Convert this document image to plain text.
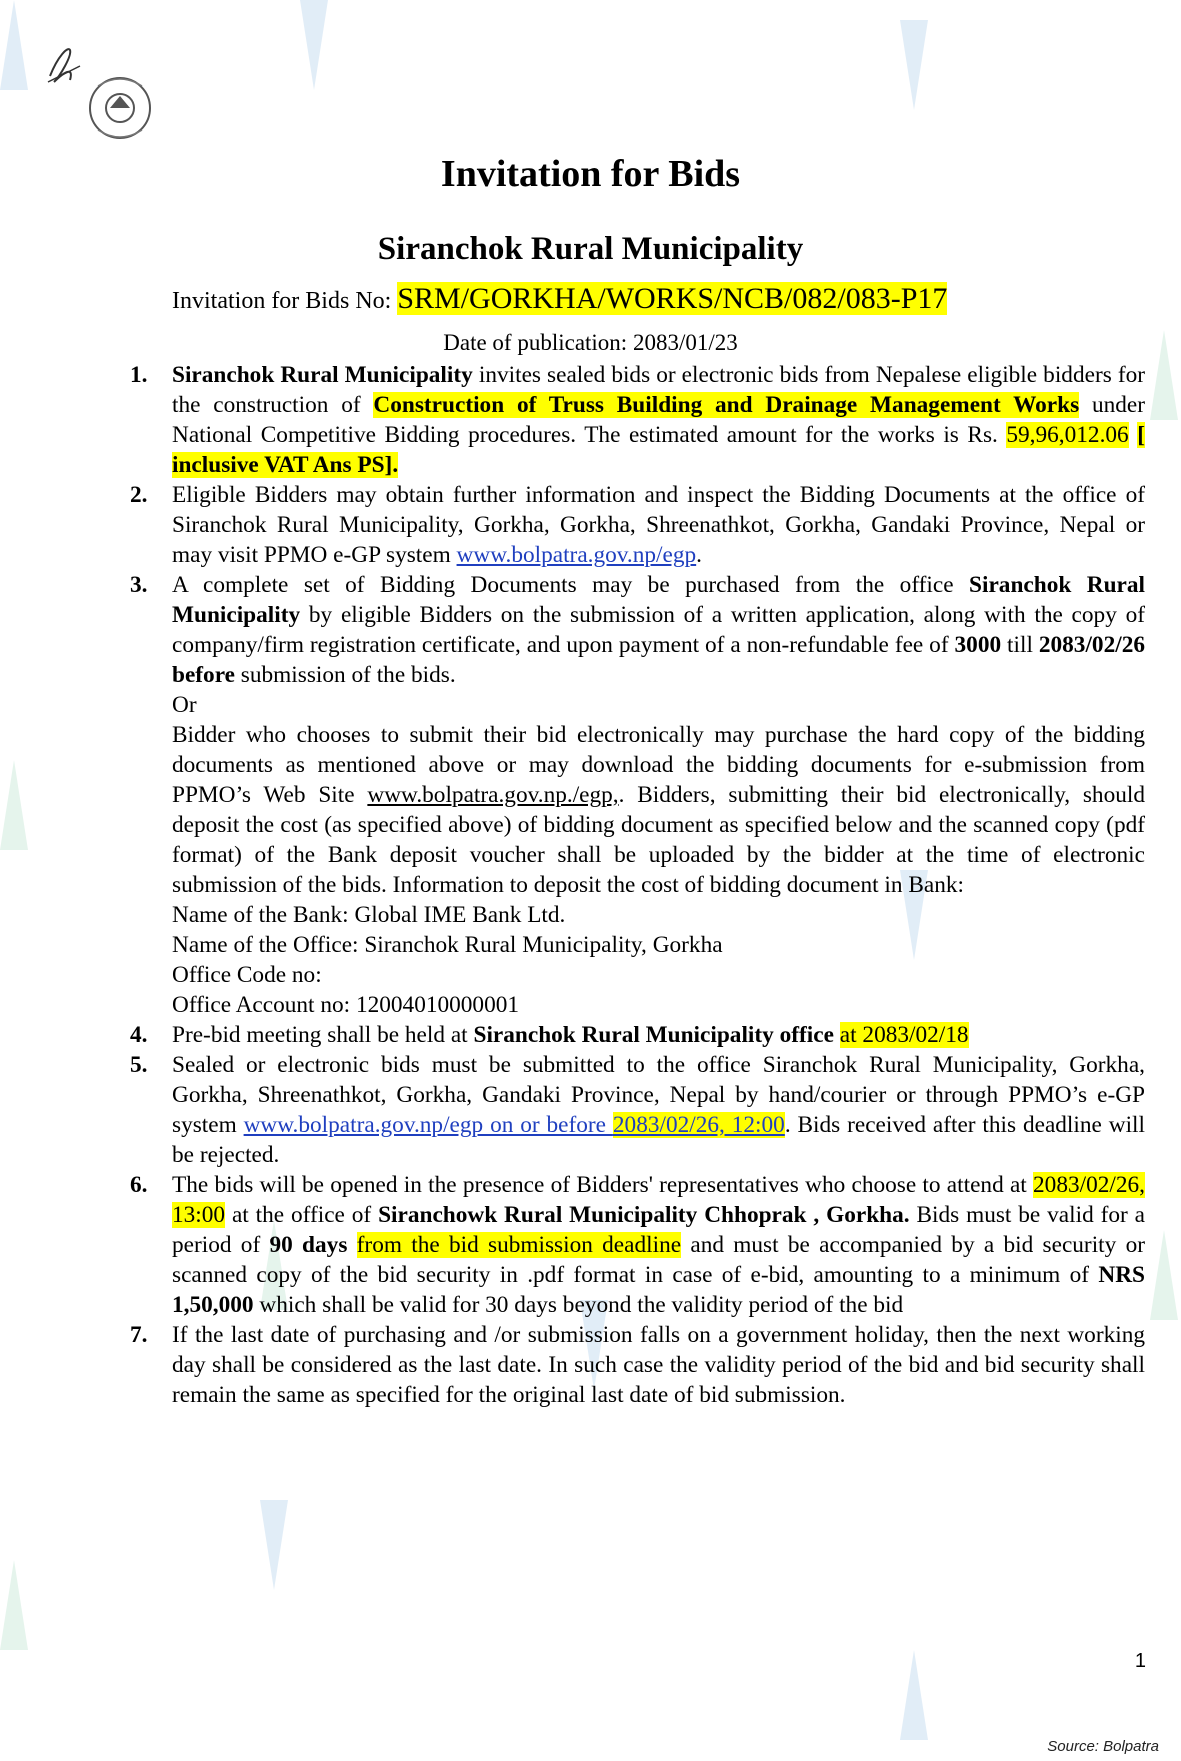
Invitation for Bids
Siranchok Rural Municipality
Invitation for Bids No: SRM/GORKHA/WORKS/NCB/082/083-P17
Date of publication: 2083/01/23
1. Siranchok Rural Municipality invites sealed bids or electronic bids from Nepalese eligible bidders for the construction of Construction of Truss Building and Drainage Management Works under National Competitive Bidding procedures. The estimated amount for the works is Rs. 59,96,012.06 [ inclusive VAT Ans PS].

2. Eligible Bidders may obtain further information and inspect the Bidding Documents at the office of Siranchok Rural Municipality, Gorkha, Gorkha, Shreenathkot, Gorkha, Gandaki Province, Nepal or may visit PPMO e-GP system www.bolpatra.gov.np/egp.

3. A complete set of Bidding Documents may be purchased from the office Siranchok Rural Municipality by eligible Bidders on the submission of a written application, along with the copy of company/firm registration certificate, and upon payment of a non-refundable fee of 3000 till 2083/02/26 before submission of the bids.

Or

Bidder who chooses to submit their bid electronically may purchase the hard copy of the bidding documents as mentioned above or may download the bidding documents for e-submission from PPMO’s Web Site www.bolpatra.gov.np./egp,. Bidders, submitting their bid electronically, should deposit the cost (as specified above) of bidding document as specified below and the scanned copy (pdf format) of the Bank deposit voucher shall be uploaded by the bidder at the time of electronic submission of the bids. Information to deposit the cost of bidding document in Bank:

Name of the Bank: Global IME Bank Ltd.

Name of the Office: Siranchok Rural Municipality, Gorkha

Office Code no:

Office Account no: 12004010000001

4. Pre-bid meeting shall be held at Siranchok Rural Municipality office at 2083/02/18

5. Sealed or electronic bids must be submitted to the office Siranchok Rural Municipality, Gorkha, Gorkha, Shreenathkot, Gorkha, Gandaki Province, Nepal by hand/courier or through PPMO’s e-GP system www.bolpatra.gov.np/egp on or before 2083/02/26, 12:00. Bids received after this deadline will be rejected.

6. The bids will be opened in the presence of Bidders' representatives who choose to attend at 2083/02/26, 13:00 at the office of Siranchowk Rural Municipality Chhoprak , Gorkha. Bids must be valid for a period of 90 days from the bid submission deadline and must be accompanied by a bid security or scanned copy of the bid security in .pdf format in case of e-bid, amounting to a minimum of NRS 1,50,000 which shall be valid for 30 days beyond the validity period of the bid

7. If the last date of purchasing and /or submission falls on a government holiday, then the next working day shall be considered as the last date. In such case the validity period of the bid and bid security shall remain the same as specified for the original last date of bid submission.

1
Source: Bolpatra
